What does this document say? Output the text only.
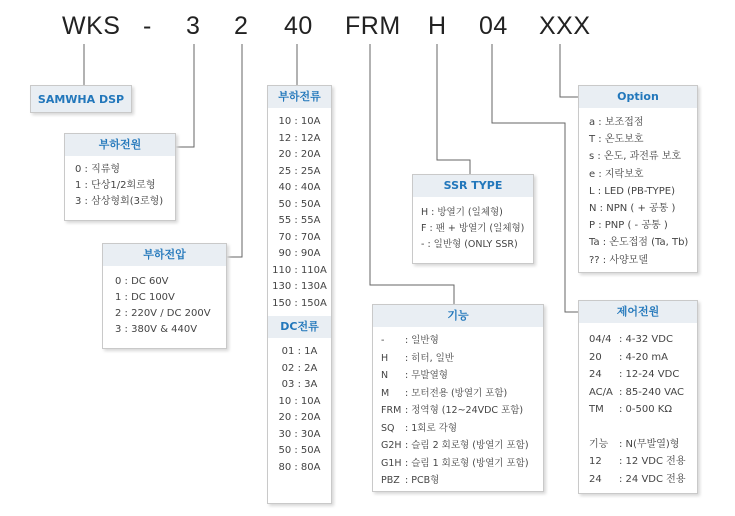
WKS - 3 2 40 FRM H 04 XXX
SAMWHA DSP
부하전원
0 : 직류형
1 : 단상1/2회로형
3 : 삼상형회(3로형)
부하전압
0 : DC 60V
1 : DC 100V
2 : 220V / DC 200V
3 : 380V & 440V
부하전류
10 : 10A
12 : 12A
20 : 20A
25 : 25A
40 : 40A
50 : 50A
55 : 55A
70 : 70A
90 : 90A
110 : 110A
130 : 130A
150 : 150A
DC전류
01 : 1A
02 : 2A
03 : 3A
10 : 10A
20 : 20A
30 : 30A
50 : 50A
80 : 80A
SSR TYPE
H : 방열기 (일체형)
F : 팬 + 방열기 (일체형)
- : 일반형 (ONLY SSR)
기능
- : 일반형
H : 히터, 일반
N : 무발열형
M : 모터전용 (방열기 포함)
FRM : 정역형 (12~24VDC 포함)
SQ : 1회로 각형
G2H : 슬림 2 회로형 (방열기 포함)
G1H : 슬림 1 회로형 (방열기 포함)
PBZ : PCB형
Option
a : 보조접점
T : 온도보호
s : 온도, 과전류 보호
e : 지락보호
L : LED (PB-TYPE)
N : NPN ( + 공통 )
P : PNP ( - 공통 )
Ta : 온도접점 (Ta, Tb)
?? : 사양모델
제어전원
04/4 : 4-32 VDC
20 : 4-20 mA
24 : 12-24 VDC
AC/A : 85-240 VAC
TM : 0-500 KΩ
기능 : N(무발열)형
12 : 12 VDC 전용
24 : 24 VDC 전용
